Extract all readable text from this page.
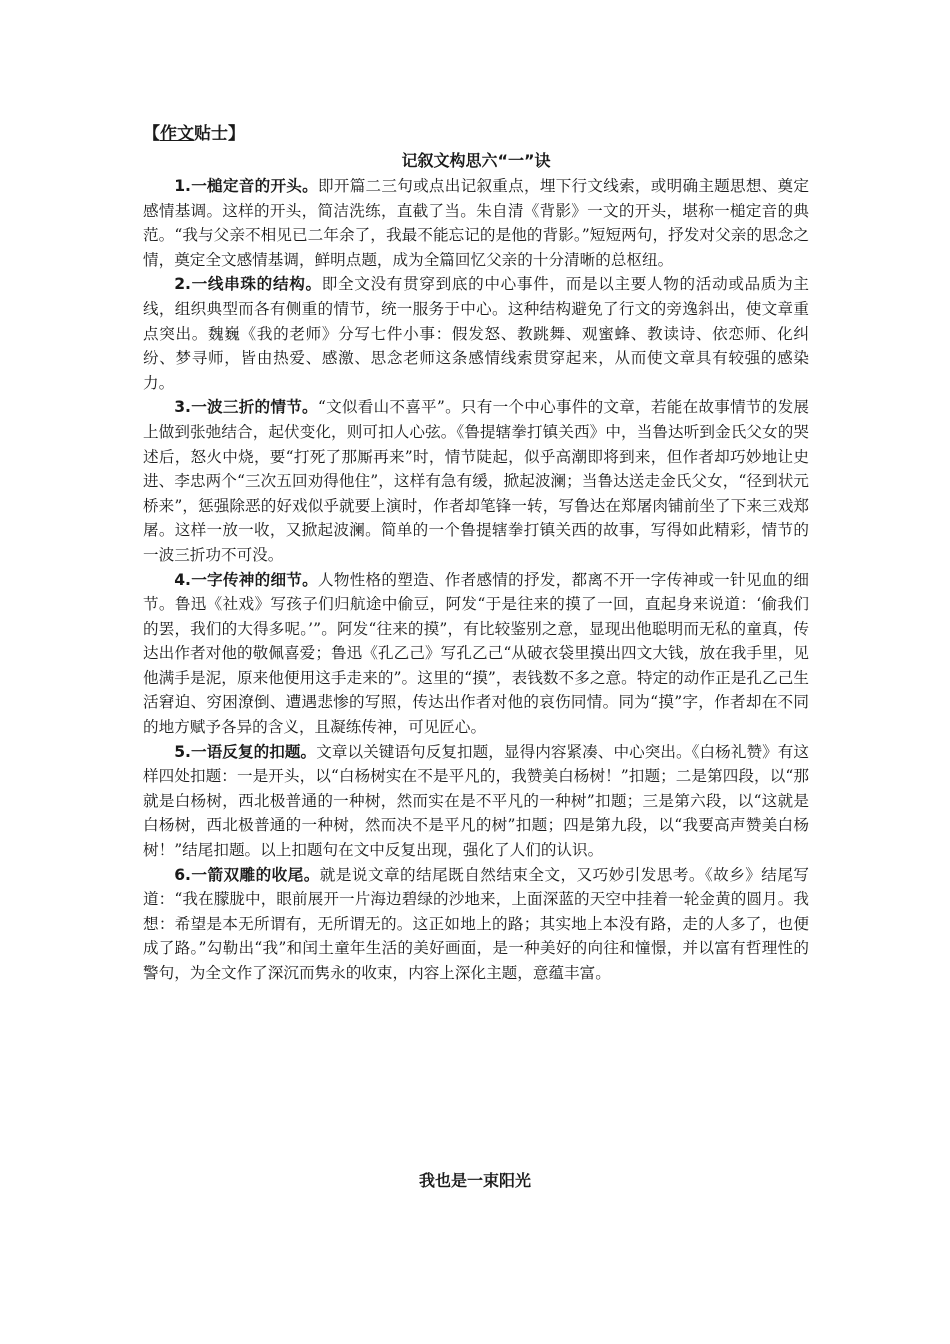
【作文贴士】

记叙文构思六“一”诀

1.一槌定音的开头。即开篇二三句或点出记叙重点，埋下行文线索，或明确主题思想、奠定感情基调。这样的开头，简洁洗练，直截了当。朱自清《背影》一文的开头，堪称一槌定音的典范。“我与父亲不相见已二年余了，我最不能忘记的是他的背影。”短短两句，抒发对父亲的思念之情，奠定全文感情基调，鲜明点题，成为全篇回忆父亲的十分清晰的总枢纽。

2.一线串珠的结构。即全文没有贯穿到底的中心事件，而是以主要人物的活动或品质为主线，组织典型而各有侧重的情节，统一服务于中心。这种结构避免了行文的旁逸斜出，使文章重点突出。魏巍《我的老师》分写七件小事：假发怒、教跳舞、观蜜蜂、教读诗、依恋师、化纠纷、梦寻师，皆由热爱、感激、思念老师这条感情线索贯穿起来，从而使文章具有较强的感染力。

3.一波三折的情节。“文似看山不喜平”。只有一个中心事件的文章，若能在故事情节的发展上做到张弛结合，起伏变化，则可扣人心弦。《鲁提辖拳打镇关西》中，当鲁达听到金氏父女的哭述后，怒火中烧，要“打死了那厮再来”时，情节陡起，似乎高潮即将到来，但作者却巧妙地让史进、李忠两个“三次五回劝得他住”，这样有急有缓，掀起波澜；当鲁达送走金氏父女，“径到状元桥来”，惩强除恶的好戏似乎就要上演时，作者却笔锋一转，写鲁达在郑屠肉铺前坐了下来三戏郑屠。这样一放一收，又掀起波澜。简单的一个鲁提辖拳打镇关西的故事，写得如此精彩，情节的一波三折功不可没。

4.一字传神的细节。人物性格的塑造、作者感情的抒发，都离不开一字传神或一针见血的细节。鲁迅《社戏》写孩子们归航途中偷豆，阿发“于是往来的摸了一回，直起身来说道：‘偷我们的罢，我们的大得多呢。’”。阿发“往来的摸”，有比较鉴别之意，显现出他聪明而无私的童真，传达出作者对他的敬佩喜爱；鲁迅《孔乙己》写孔乙己“从破衣袋里摸出四文大钱，放在我手里，见他满手是泥，原来他便用这手走来的”。这里的“摸”，表钱数不多之意。特定的动作正是孔乙己生活窘迫、穷困潦倒、遭遇悲惨的写照，传达出作者对他的哀伤同情。同为“摸”字，作者却在不同的地方赋予各异的含义，且凝练传神，可见匠心。

5.一语反复的扣题。文章以关键语句反复扣题，显得内容紧凑、中心突出。《白杨礼赞》有这样四处扣题：一是开头，以“白杨树实在不是平凡的，我赞美白杨树！”扣题；二是第四段，以“那就是白杨树，西北极普通的一种树，然而实在是不平凡的一种树”扣题；三是第六段，以“这就是白杨树，西北极普通的一种树，然而决不是平凡的树”扣题；四是第九段，以“我要高声赞美白杨树！”结尾扣题。以上扣题句在文中反复出现，强化了人们的认识。

6.一箭双雕的收尾。就是说文章的结尾既自然结束全文，又巧妙引发思考。《故乡》结尾写道：“我在朦胧中，眼前展开一片海边碧绿的沙地来，上面深蓝的天空中挂着一轮金黄的圆月。我想：希望是本无所谓有，无所谓无的。这正如地上的路；其实地上本没有路，走的人多了，也便成了路。”勾勒出“我”和闰土童年生活的美好画面，是一种美好的向往和憧憬，并以富有哲理性的警句，为全文作了深沉而隽永的收束，内容上深化主题，意蕴丰富。

我也是一束阳光
